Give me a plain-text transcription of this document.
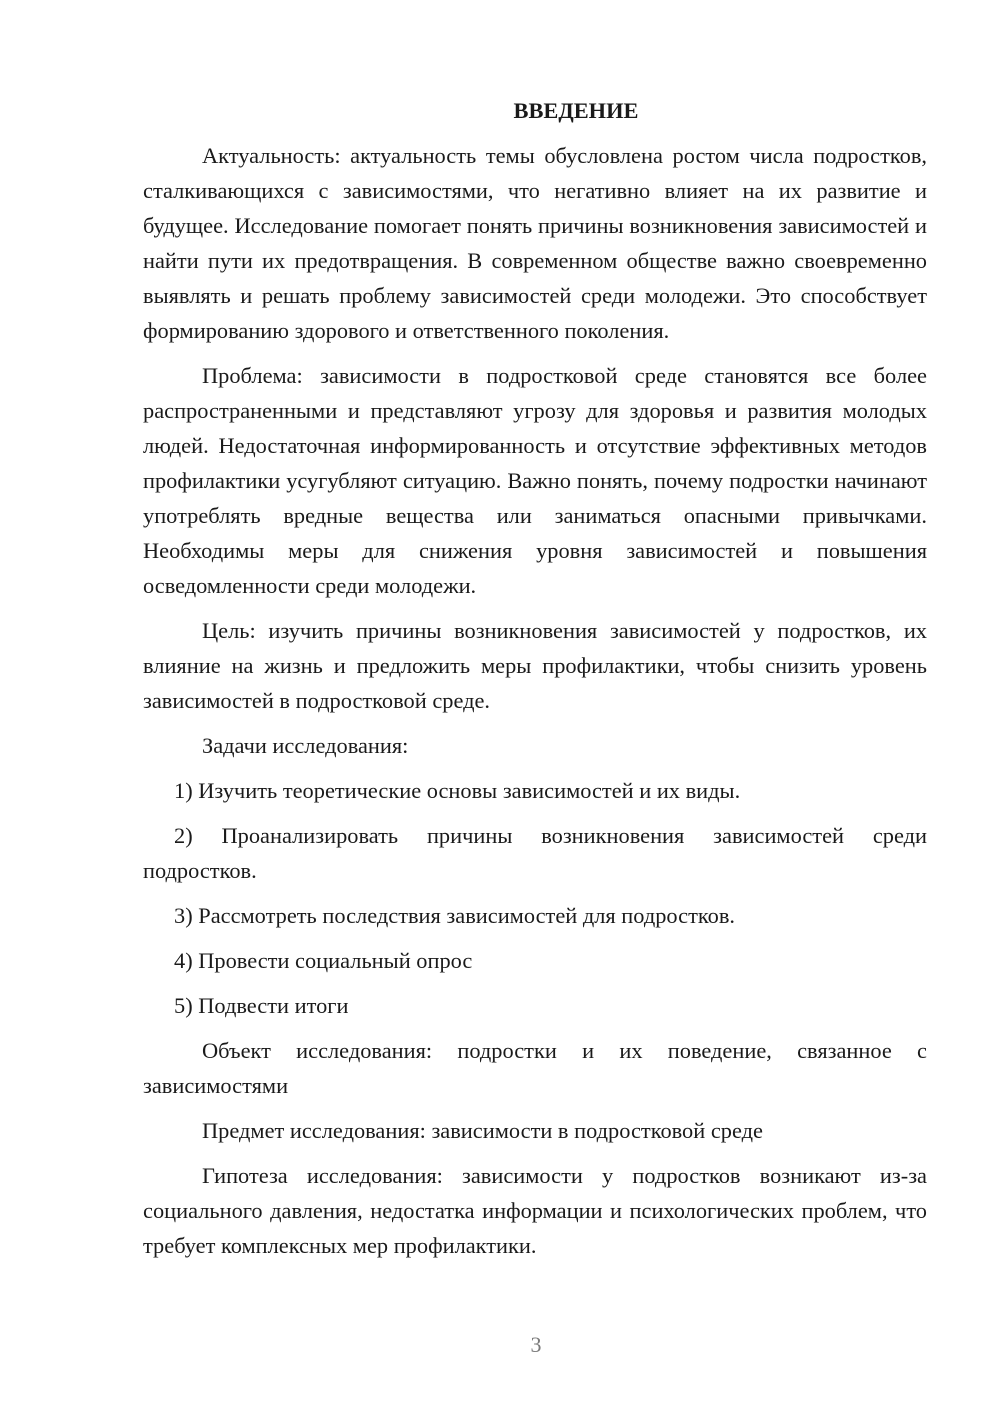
ВВЕДЕНИЕ

Актуальность: актуальность темы обусловлена ростом числа подростков, сталкивающихся с зависимостями, что негативно влияет на их развитие и будущее. Исследование помогает понять причины возникновения зависимостей и найти пути их предотвращения. В современном обществе важно своевременно выявлять и решать проблему зависимостей среди молодежи. Это способствует формированию здорового и ответственного поколения.

Проблема: зависимости в подростковой среде становятся все более распространенными и представляют угрозу для здоровья и развития молодых людей. Недостаточная информированность и отсутствие эффективных методов профилактики усугубляют ситуацию. Важно понять, почему подростки начинают употреблять вредные вещества или заниматься опасными привычками. Необходимы меры для снижения уровня зависимостей и повышения осведомленности среди молодежи.

Цель: изучить причины возникновения зависимостей у подростков, их влияние на жизнь и предложить меры профилактики, чтобы снизить уровень зависимостей в подростковой среде.

Задачи исследования:

1) Изучить теоретические основы зависимостей и их виды.

2) Проанализировать причины возникновения зависимостей среди подростков.

3) Рассмотреть последствия зависимостей для подростков.

4) Провести социальный опрос

5) Подвести итоги

Объект исследования: подростки и их поведение, связанное с зависимостями

Предмет исследования: зависимости в подростковой среде

Гипотеза исследования: зависимости у подростков возникают из-за социального давления, недостатка информации и психологических проблем, что требует комплексных мер профилактики.

3
